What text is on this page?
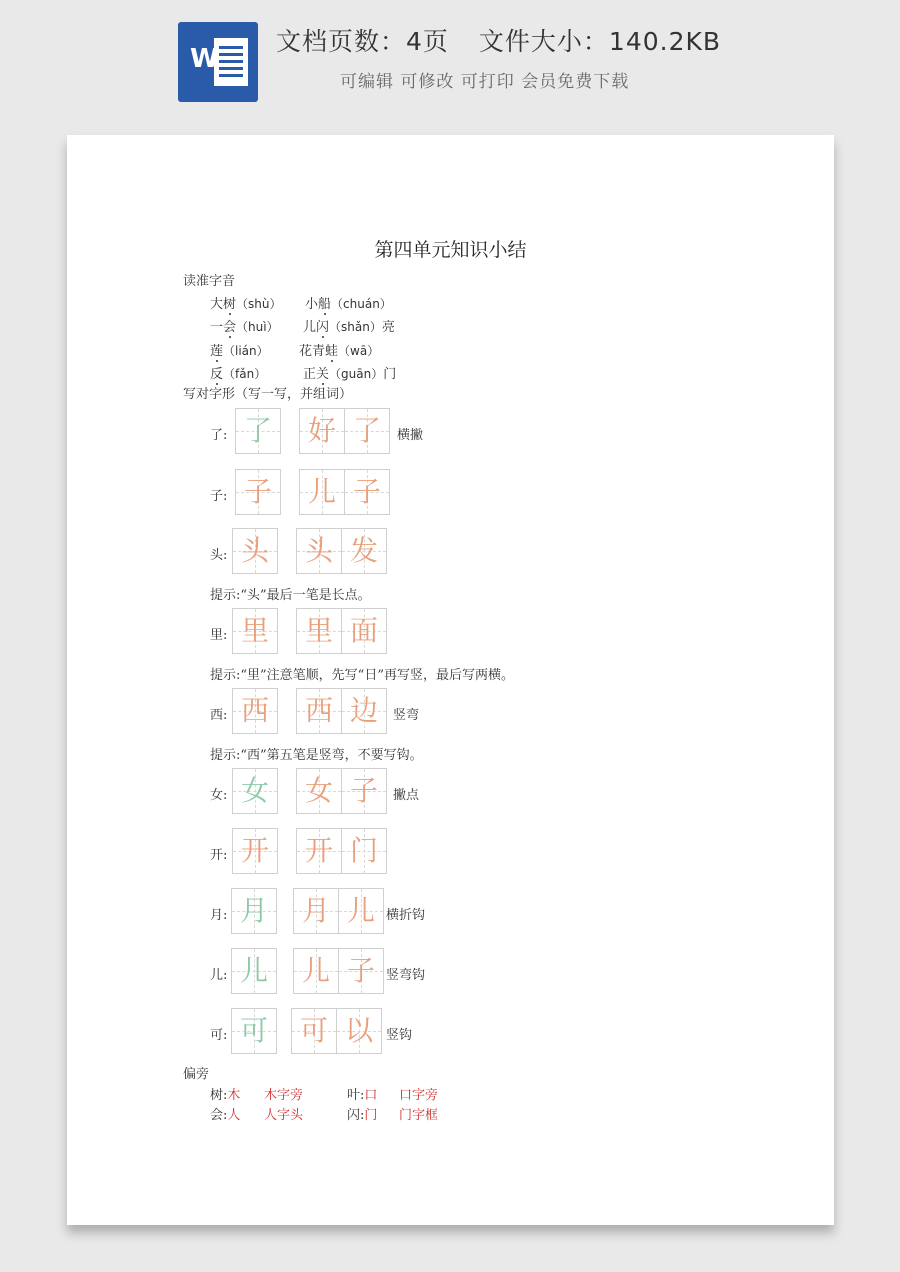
W
文档页数：4页 文件大小：140.2KB
可编辑 可修改 可打印 会员免费下载
第四单元知识小结
读准字音
大树（shù） 小船（chuán）
一会（huì） 儿闪（shǎn）亮
莲（lián） 花青蛙（wā）
反（fǎn）	正关（guān）门
写对字形（写一写，并组词）
了: 了 好 了	横撇
子: 子 儿 子
头: 头 头 发
提示:“头”最后一笔是长点。
里: 里 里 面
提示:“里”注意笔顺，先写“日”再写竖，最后写两横。
西: 西 西 边	竖弯
提示:“西”第五笔是竖弯，不要写钩。
女: 女 女 子	撇点
开: 开 开 门
月: 月 月 儿 横折钩
儿: 儿 儿 子 竖弯钩
可: 可 可 以	竖钩
偏旁
树:木 木字旁	叶:口 口字旁
会:人 人字头	闪:门 门字框
